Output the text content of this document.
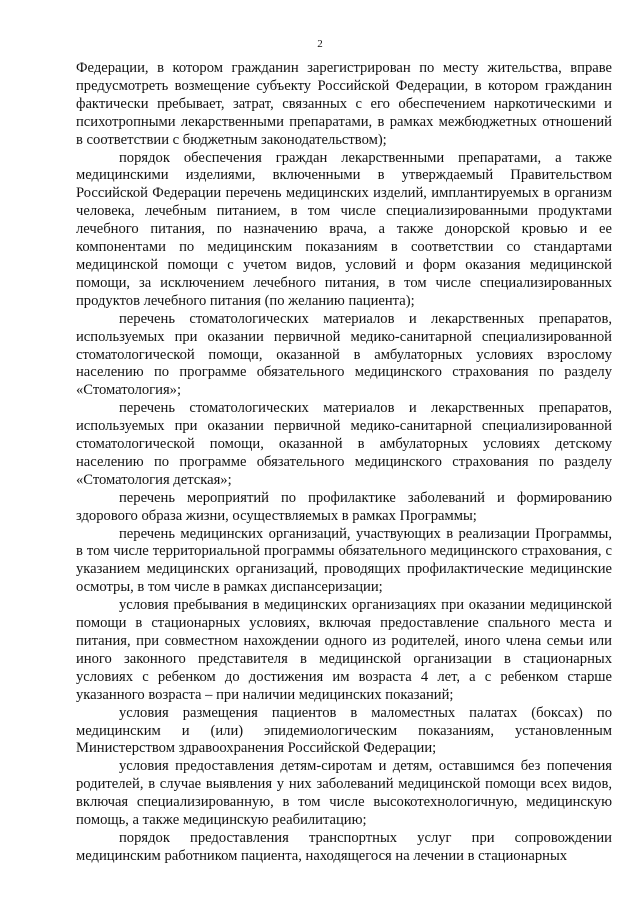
2

Федерации, в котором гражданин зарегистрирован по месту жительства, вправе предусмотреть возмещение субъекту Российской Федерации, в котором гражданин фактически пребывает, затрат, связанных с его обеспечением наркотическими и психотропными лекарственными препаратами, в рамках межбюджетных отношений в соответствии с бюджетным законодательством);

порядок обеспечения граждан лекарственными препаратами, а также медицинскими изделиями, включенными в утверждаемый Правительством Российской Федерации перечень медицинских изделий, имплантируемых в организм человека, лечебным питанием, в том числе специализированными продуктами лечебного питания, по назначению врача, а также донорской кровью и ее компонентами по медицинским показаниям в соответствии со стандартами медицинской помощи с учетом видов, условий и форм оказания медицинской помощи, за исключением лечебного питания, в том числе специализированных продуктов лечебного питания (по желанию пациента);

перечень стоматологических материалов и лекарственных препаратов, используемых при оказании первичной медико-санитарной специализированной стоматологической помощи, оказанной в амбулаторных условиях взрослому населению по программе обязательного медицинского страхования по разделу «Стоматология»;

перечень стоматологических материалов и лекарственных препаратов, используемых при оказании первичной медико-санитарной специализированной стоматологической помощи, оказанной в амбулаторных условиях детскому населению по программе обязательного медицинского страхования по разделу «Стоматология детская»;

перечень мероприятий по профилактике заболеваний и формированию здорового образа жизни, осуществляемых в рамках Программы;

перечень медицинских организаций, участвующих в реализации Программы, в том числе территориальной программы обязательного медицинского страхования, с указанием медицинских организаций, проводящих профилактические медицинские осмотры, в том числе в рамках диспансеризации;

условия пребывания в медицинских организациях при оказании медицинской помощи в стационарных условиях, включая предоставление спального места и питания, при совместном нахождении одного из родителей, иного члена семьи или иного законного представителя в медицинской организации в стационарных условиях с ребенком до достижения им возраста 4 лет, а с ребенком старше указанного возраста – при наличии медицинских показаний;

условия размещения пациентов в маломестных палатах (боксах) по медицинским и (или) эпидемиологическим показаниям, установленным Министерством здравоохранения Российской Федерации;

условия предоставления детям-сиротам и детям, оставшимся без попечения родителей, в случае выявления у них заболеваний медицинской помощи всех видов, включая специализированную, в том числе высокотехнологичную, медицинскую помощь, а также медицинскую реабилитацию;

порядок предоставления транспортных услуг при сопровождении медицинским работником пациента, находящегося на лечении в стационарных
